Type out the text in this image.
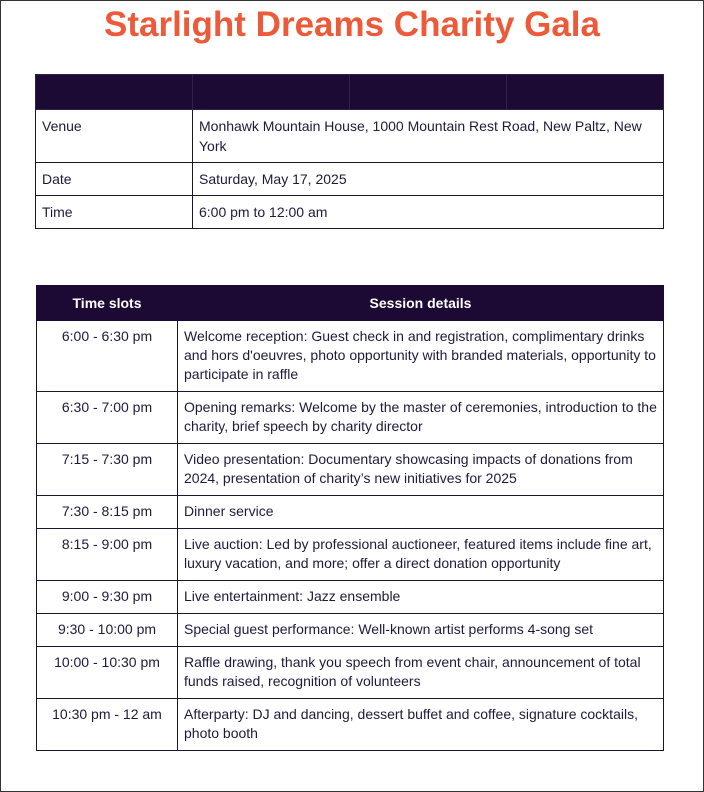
Starlight Dreams Charity Gala

Venue	Monhawk Mountain House, 1000 Mountain Rest Road, New Paltz, New York		
Date	Saturday, May 17, 2025		
Time	6:00 pm to 12:00 am		
Time slots	Session details
6:00 - 6:30 pm	Welcome reception: Guest check in and registration, complimentary drinks and hors d'oeuvres, photo opportunity with branded materials, opportunity to participate in raffle
6:30 - 7:00 pm	Opening remarks: Welcome by the master of ceremonies, introduction to the charity, brief speech by charity director
7:15 - 7:30 pm	Video presentation: Documentary showcasing impacts of donations from 2024, presentation of charity’s new initiatives for 2025
7:30 - 8:15 pm	Dinner service
8:15 - 9:00 pm	Live auction: Led by professional auctioneer, featured items include fine art, luxury vacation, and more; offer a direct donation opportunity
9:00 - 9:30 pm	Live entertainment: Jazz ensemble
9:30 - 10:00 pm	Special guest performance: Well-known artist performs 4-song set
10:00 - 10:30 pm	Raffle drawing, thank you speech from event chair, announcement of total funds raised, recognition of volunteers
10:30 pm - 12 am	Afterparty: DJ and dancing, dessert buffet and coffee, signature cocktails, photo booth
